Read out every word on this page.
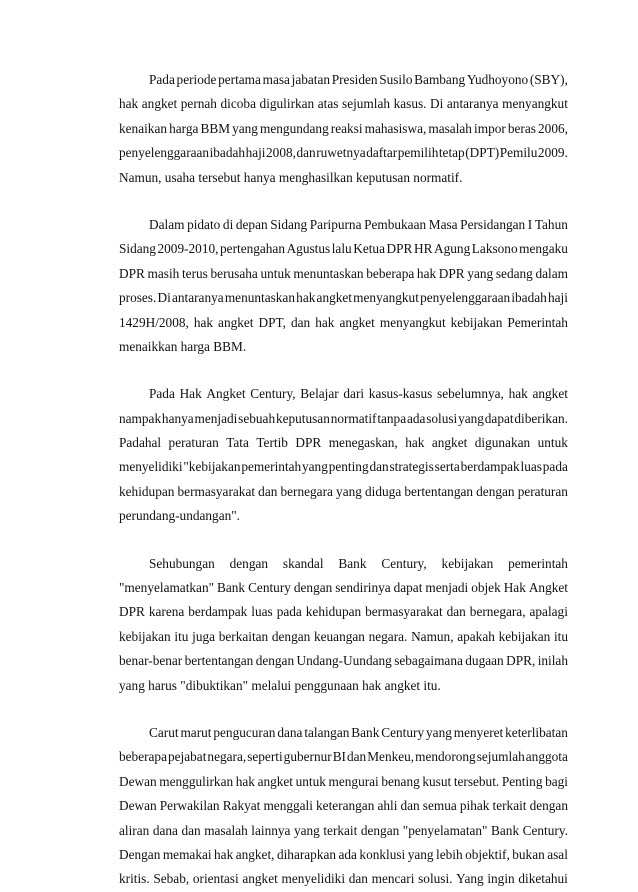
Pada periode pertama masa jabatan Presiden Susilo Bambang Yudhoyono (SBY),
hak angket pernah dicoba digulirkan atas sejumlah kasus. Di antaranya menyangkut
kenaikan harga BBM yang mengundang reaksi mahasiswa, masalah impor beras 2006,
penyelenggaraan ibadah haji 2008, dan ruwetnya daftar pemilih tetap (DPT) Pemilu 2009.
Namun, usaha tersebut hanya menghasilkan keputusan normatif.
Dalam pidato di depan Sidang Paripurna Pembukaan Masa Persidangan I Tahun
Sidang 2009-2010, pertengahan Agustus lalu Ketua DPR HR Agung Laksono mengaku
DPR masih terus berusaha untuk menuntaskan beberapa hak DPR yang sedang dalam
proses. Di antaranya menuntaskan hak angket menyangkut penyelenggaraan ibadah haji
1429H/2008, hak angket DPT, dan hak angket menyangkut kebijakan Pemerintah
menaikkan harga BBM.
Pada Hak Angket Century, Belajar dari kasus-kasus sebelumnya, hak angket
nampak hanya menjadi sebuah keputusan normatif tanpa ada solusi yang dapat diberikan.
Padahal peraturan Tata Tertib DPR menegaskan, hak angket digunakan untuk
menyelidiki "kebijakan pemerintah yang penting dan strategis serta berdampak luas pada
kehidupan bermasyarakat dan bernegara yang diduga bertentangan dengan peraturan
perundang-undangan".
Sehubungan dengan skandal Bank Century, kebijakan pemerintah
"menyelamatkan" Bank Century dengan sendirinya dapat menjadi objek Hak Angket
DPR karena berdampak luas pada kehidupan bermasyarakat dan bernegara, apalagi
kebijakan itu juga berkaitan dengan keuangan negara. Namun, apakah kebijakan itu
benar-benar bertentangan dengan Undang-Uundang sebagaimana dugaan DPR, inilah
yang harus "dibuktikan" melalui penggunaan hak angket itu.
Carut marut pengucuran dana talangan Bank Century yang menyeret keterlibatan
beberapa pejabat negara, seperti gubernur BI dan Menkeu, mendorong sejumlah anggota
Dewan menggulirkan hak angket untuk mengurai benang kusut tersebut. Penting bagi
Dewan Perwakilan Rakyat menggali keterangan ahli dan semua pihak terkait dengan
aliran dana dan masalah lainnya yang terkait dengan "penyelamatan" Bank Century.
Dengan memakai hak angket, diharapkan ada konklusi yang lebih objektif, bukan asal
kritis. Sebab, orientasi angket menyelidiki dan mencari solusi. Yang ingin diketahui
